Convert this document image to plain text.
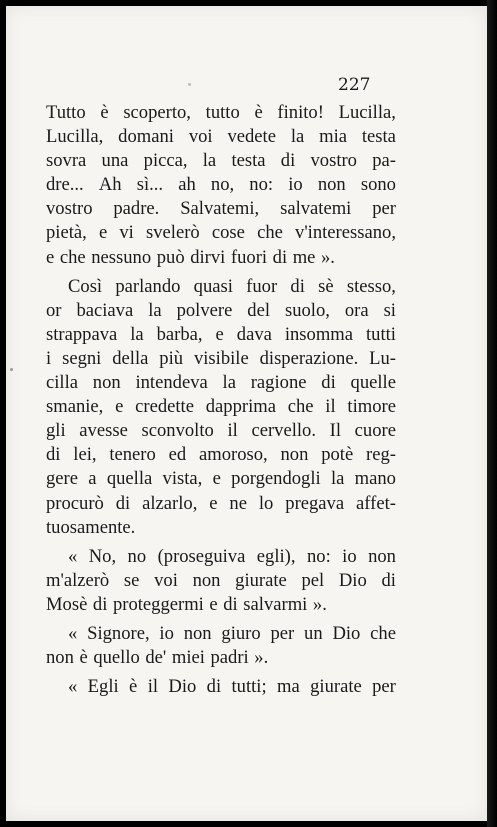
227
Tutto è scoperto, tutto è finito! Lucilla,
Lucilla, domani voi vedete la mia testa
sovra una picca, la testa di vostro pa-
dre... Ah sì... ah no, no: io non sono
vostro padre. Salvatemi, salvatemi per
pietà, e vi svelerò cose che v'interessano,
e che nessuno può dirvi fuori di me ».
Così parlando quasi fuor di sè stesso,
or baciava la polvere del suolo, ora si
strappava la barba, e dava insomma tutti
i segni della più visibile disperazione. Lu-
cilla non intendeva la ragione di quelle
smanie, e credette dapprima che il timore
gli avesse sconvolto il cervello. Il cuore
di lei, tenero ed amoroso, non potè reg-
gere a quella vista, e porgendogli la mano
procurò di alzarlo, e ne lo pregava affet-
tuosamente.
« No, no (proseguiva egli), no: io non
m'alzerò se voi non giurate pel Dio di
Mosè di proteggermi e di salvarmi ».
« Signore, io non giuro per un Dio che
non è quello de' miei padri ».
« Egli è il Dio di tutti; ma giurate per
